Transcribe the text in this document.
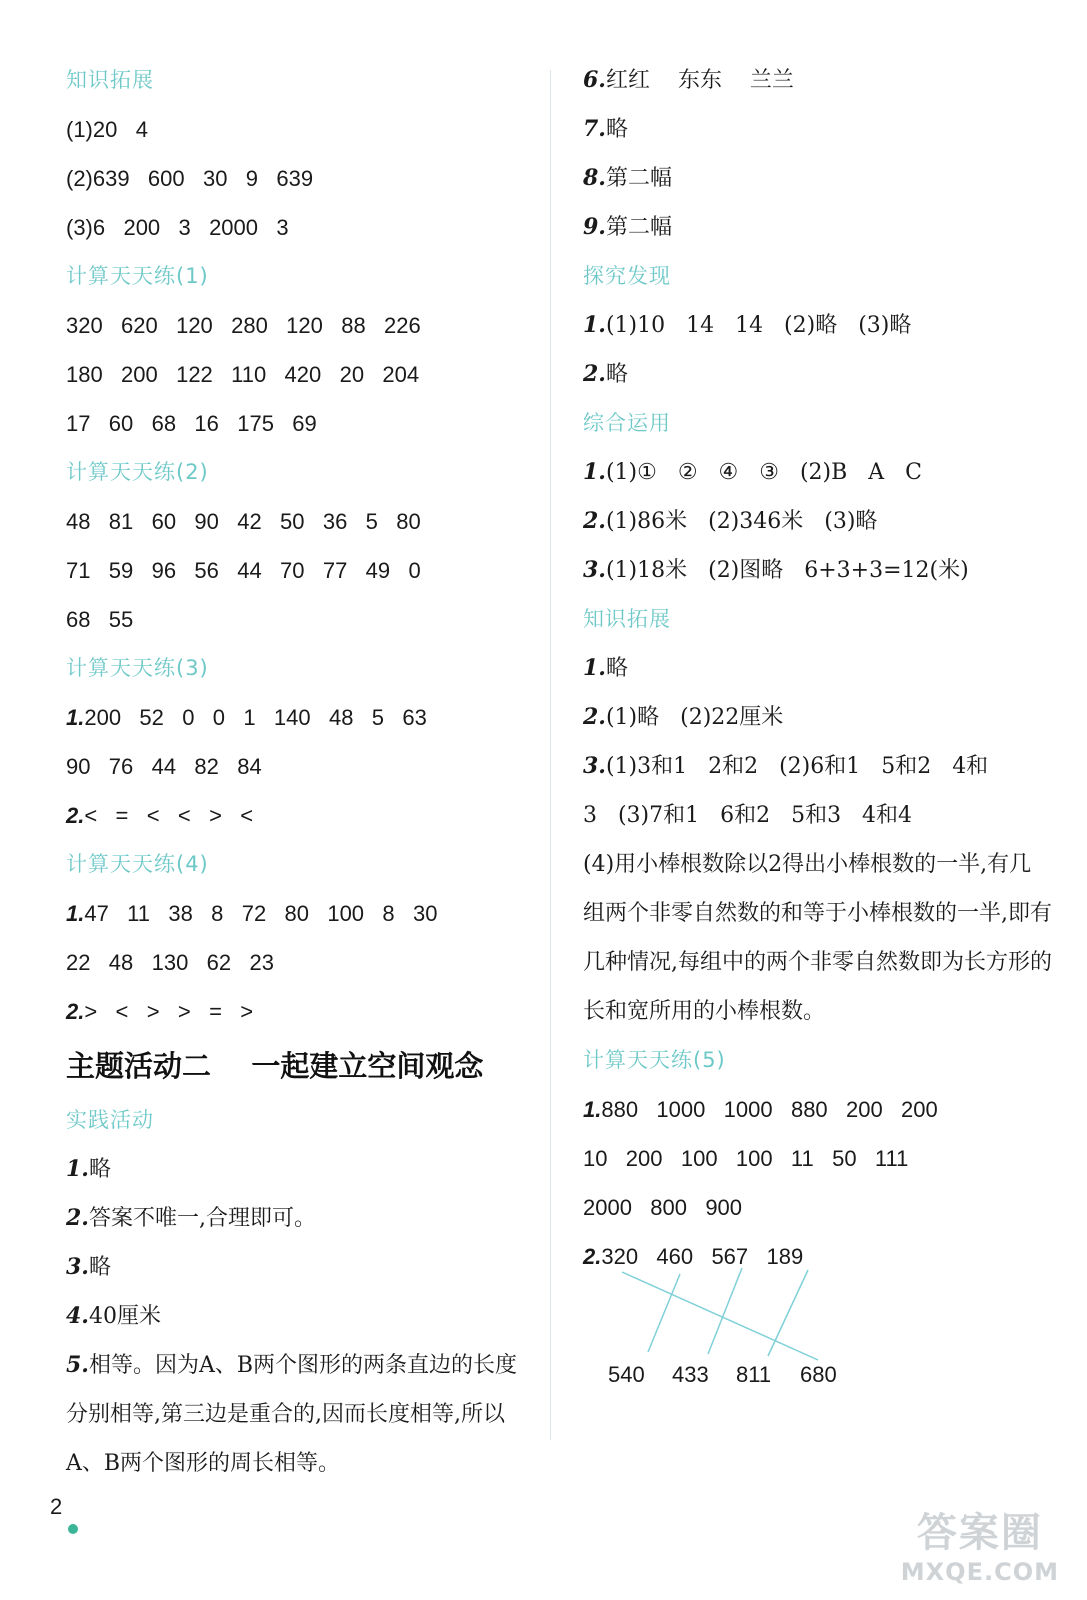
知识拓展
(1)20   4
(2)639   600   30   9   639
(3)6   200   3   2000   3
计算天天练(1)
320   620   120   280   120   88   226
180   200   122   110   420   20   204
17   60   68   16   175   69
计算天天练(2)
48   81   60   90   42   50   36   5   80
71   59   96   56   44   70   77   49   0
68   55
计算天天练(3)
1.200   52   0   0   1   140   48   5   63
90   76   44   82   84
2.<   =   <   <   >   <
计算天天练(4)
1.47   11   38   8   72   80   100   8   30
22   48   130   62   23
2.>   <   >   >   =   >
主题活动二    一起建立空间观念
实践活动
1.略
2.答案不唯一,合理即可。
3.略
4.40厘米
5.相等。因为A、B两个图形的两条直边的长度分别相等,第三边是重合的,因而长度相等,所以A、B两个图形的周长相等。
6.红红    东东    兰兰
7.略
8.第二幅
9.第二幅
探究发现
1.(1)10   14   14   (2)略   (3)略
2.略
综合运用
1.(1)①   ②   ④   ③   (2)B   A   C
2.(1)86米   (2)346米   (3)略
3.(1)18米   (2)图略   6+3+3=12(米)
知识拓展
1.略
2.(1)略   (2)22厘米
3.(1)3和1   2和2   (2)6和1   5和2   4和
3   (3)7和1   6和2   5和3   4和4
(4)用小棒根数除以2得出小棒根数的一半,有几组两个非零自然数的和等于小棒根数的一半,即有几种情况,每组中的两个非零自然数即为长方形的长和宽所用的小棒根数。
计算天天练(5)
1.880   1000   1000   880   200   200
10   200   100   100   11   50   111
2000   800   900
2.320   460   567   189
540 433 811 680
2
答案圈
MXQE.COM
